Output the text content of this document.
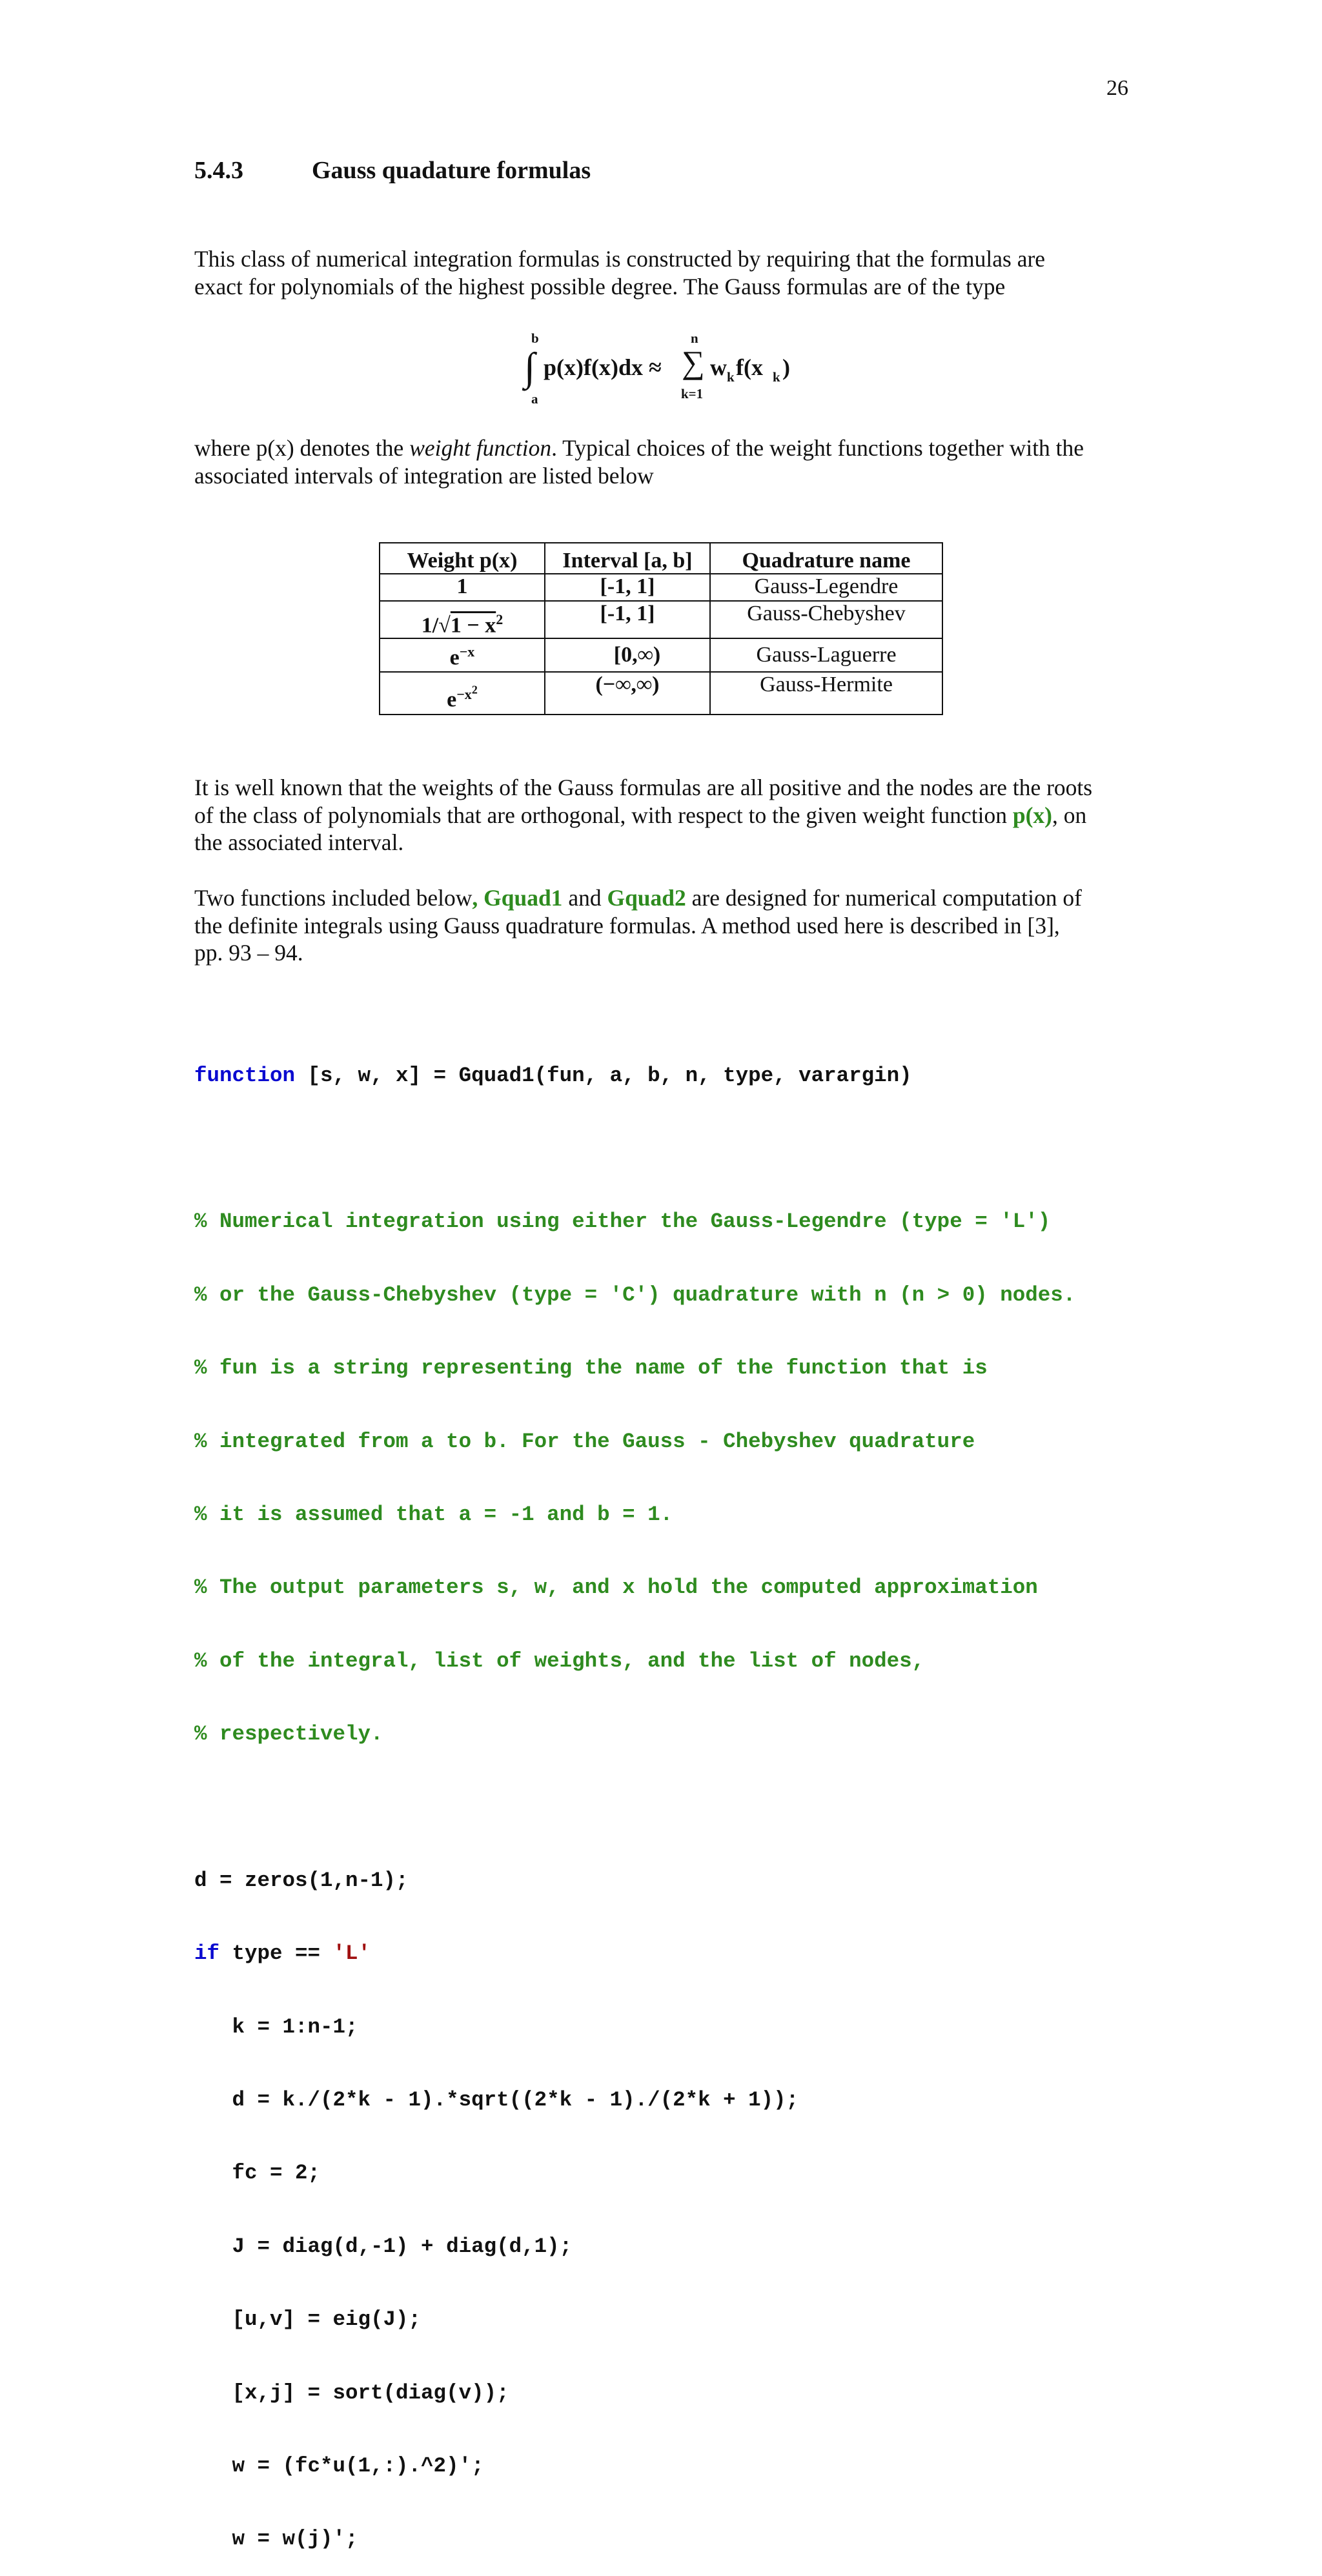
26
5.4.3	Gauss quadature formulas

This class of numerical integration formulas is constructed by requiring that the formulas are

exact for polynomials of the highest possible degree. The Gauss formulas are of the type

b
∫
a
p(x)f(x)dx ≈
n
∑
k=1
w k f(x k )

where p(x) denotes the weight function. Typical choices of the weight functions together with the

associated intervals of integration are listed below

Weight p(x)	Interval [a, b]	Quadrature name
1	[-1, 1]	Gauss-Legendre
$1/√1 - x^2$	[-1, 1]	Gauss-Chebyshev
$e^{-x}$	[0,∞)	Gauss-Laguerre
$e^{-x^2}$	(−∞,∞)	Gauss-Hermite

It is well known that the weights of the Gauss formulas are all positive and the nodes are the roots

of the class of polynomials that are orthogonal, with respect to the given weight function p(x), on

the associated interval.

Two functions included below, Gquad1 and Gquad2 are designed for numerical computation of

the definite integrals using Gauss quadrature formulas. A method used here is described in [3],

pp. 93 – 94.

function [s, w, x] = Gquad1(fun, a, b, n, type, varargin)

% Numerical integration using either the Gauss-Legendre (type = 'L')

% or the Gauss-Chebyshev (type = 'C') quadrature with n (n > 0) nodes.

% fun is a string representing the name of the function that is

% integrated from a to b. For the Gauss - Chebyshev quadrature

% it is assumed that a = -1 and b = 1.

% The output parameters s, w, and x hold the computed approximation

% of the integral, list of weights, and the list of nodes,

% respectively.

d = zeros(1,n-1);

if type == 'L'

k = 1:n-1;

d = k./(2*k - 1).*sqrt((2*k - 1)./(2*k + 1));

fc = 2;

J = diag(d,-1) + diag(d,1);

[u,v] = eig(J);

[x,j] = sort(diag(v));

w = (fc*u(1,:).^2)';

w = w(j)';
